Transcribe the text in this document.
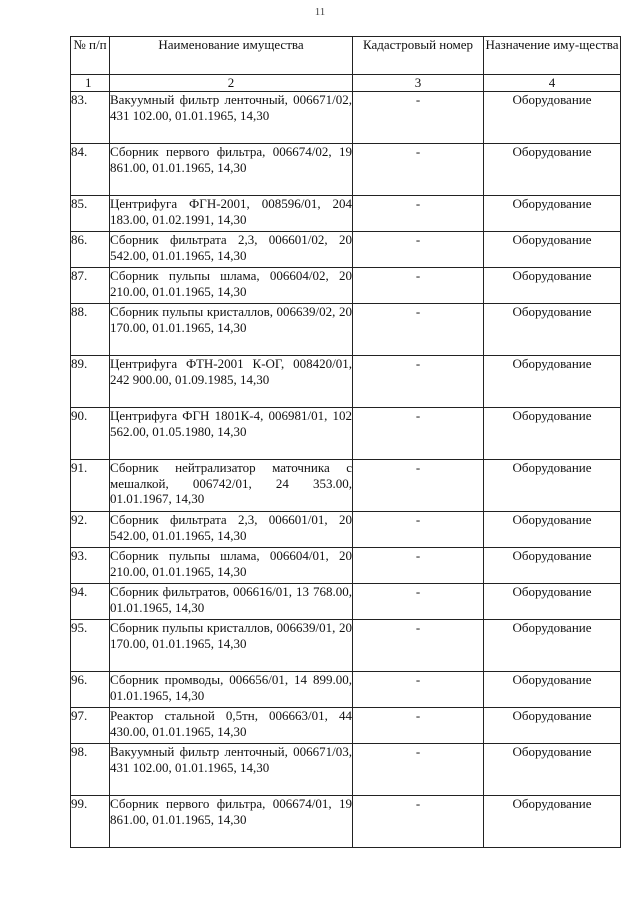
11
№ п/п	Наименование имущества	Кадастровый номер	Назначение иму-щества
1	2	3	4
83.	Вакуумный фильтр ленточный, 006671/02, 431 102.00, 01.01.1965, 14,30	-	Оборудование
84.	Сборник первого фильтра, 006674/02, 19 861.00, 01.01.1965, 14,30	-	Оборудование
85.	Центрифуга ФГН-2001, 008596/01, 204 183.00, 01.02.1991, 14,30	-	Оборудование
86.	Сборник фильтрата 2,3, 006601/02, 20 542.00, 01.01.1965, 14,30	-	Оборудование
87.	Сборник пульпы шлама, 006604/02, 20 210.00, 01.01.1965, 14,30	-	Оборудование
88.	Сборник пульпы кристаллов, 006639/02, 20 170.00, 01.01.1965, 14,30	-	Оборудование
89.	Центрифуга ФТН-2001 К-ОГ, 008420/01, 242 900.00, 01.09.1985, 14,30	-	Оборудование
90.	Центрифуга ФГН 1801К-4, 006981/01, 102 562.00, 01.05.1980, 14,30	-	Оборудование
91.	Сборник нейтрализатор маточника с мешалкой, 006742/01, 24 353.00, 01.01.1967, 14,30	-	Оборудование
92.	Сборник фильтрата 2,3, 006601/01, 20 542.00, 01.01.1965, 14,30	-	Оборудование
93.	Сборник пульпы шлама, 006604/01, 20 210.00, 01.01.1965, 14,30	-	Оборудование
94.	Сборник фильтратов, 006616/01, 13 768.00, 01.01.1965, 14,30	-	Оборудование
95.	Сборник пульпы кристаллов, 006639/01, 20 170.00, 01.01.1965, 14,30	-	Оборудование
96.	Сборник промводы, 006656/01, 14 899.00, 01.01.1965, 14,30	-	Оборудование
97.	Реактор стальной 0,5тн, 006663/01, 44 430.00, 01.01.1965, 14,30	-	Оборудование
98.	Вакуумный фильтр ленточный, 006671/03, 431 102.00, 01.01.1965, 14,30	-	Оборудование
99.	Сборник первого фильтра, 006674/01, 19 861.00, 01.01.1965, 14,30	-	Оборудование
